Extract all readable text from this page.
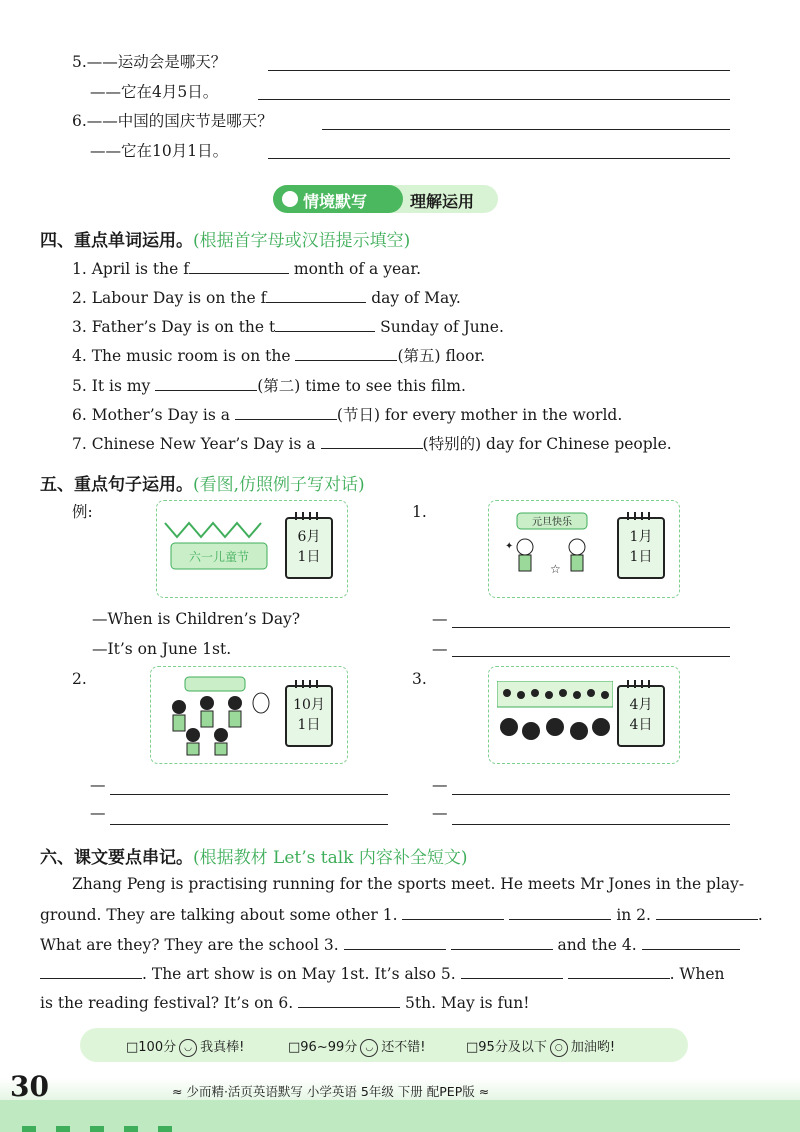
5.——运动会是哪天？
——它在4月5日。
6.——中国的国庆节是哪天？
——它在10月1日。
情境默写	理解运用
四、重点单词运用。(根据首字母或汉语提示填空)
1. April is the f	month of a year.
2. Labour Day is on the f	day of May.
3. Father’s Day is on the t	Sunday of June.
4. The music room is on the	(第五) floor.
5. It is my	(第二) time to see this film.
6. Mother’s Day is a	(节日) for every mother in the world.
7. Chinese New Year’s Day is a	(特别的) day for Chinese people.
五、重点句子运用。(看图,仿照例子写对话)
例:
六一儿童节
6月
1日
1.
元旦快乐
☆
✦
1月
1日
—When is Children’s Day?
—It’s on June 1st.
—
—
2.
10月
1日
3.
4月
4日
—
—
—
—
六、课文要点串记。(根据教材 Let’s talk 内容补全短文)
Zhang Peng is practising running for the sports meet. He meets Mr Jones in the play-
ground. They are talking about some other 1.	in 2.	.
What are they? They are the school 3.	and the 4.
. The art show is on May 1st. It’s also 5.	. When
is the reading festival? It’s on 6.	5th. May is fun!
□100分 ◡ 我真棒!	□96~99分 ◡ 还不错!	□95分及以下 ○ 加油哟!
30	≈ 少而精·活页英语默写 小学英语 5年级 下册 配PEP版 ≈
